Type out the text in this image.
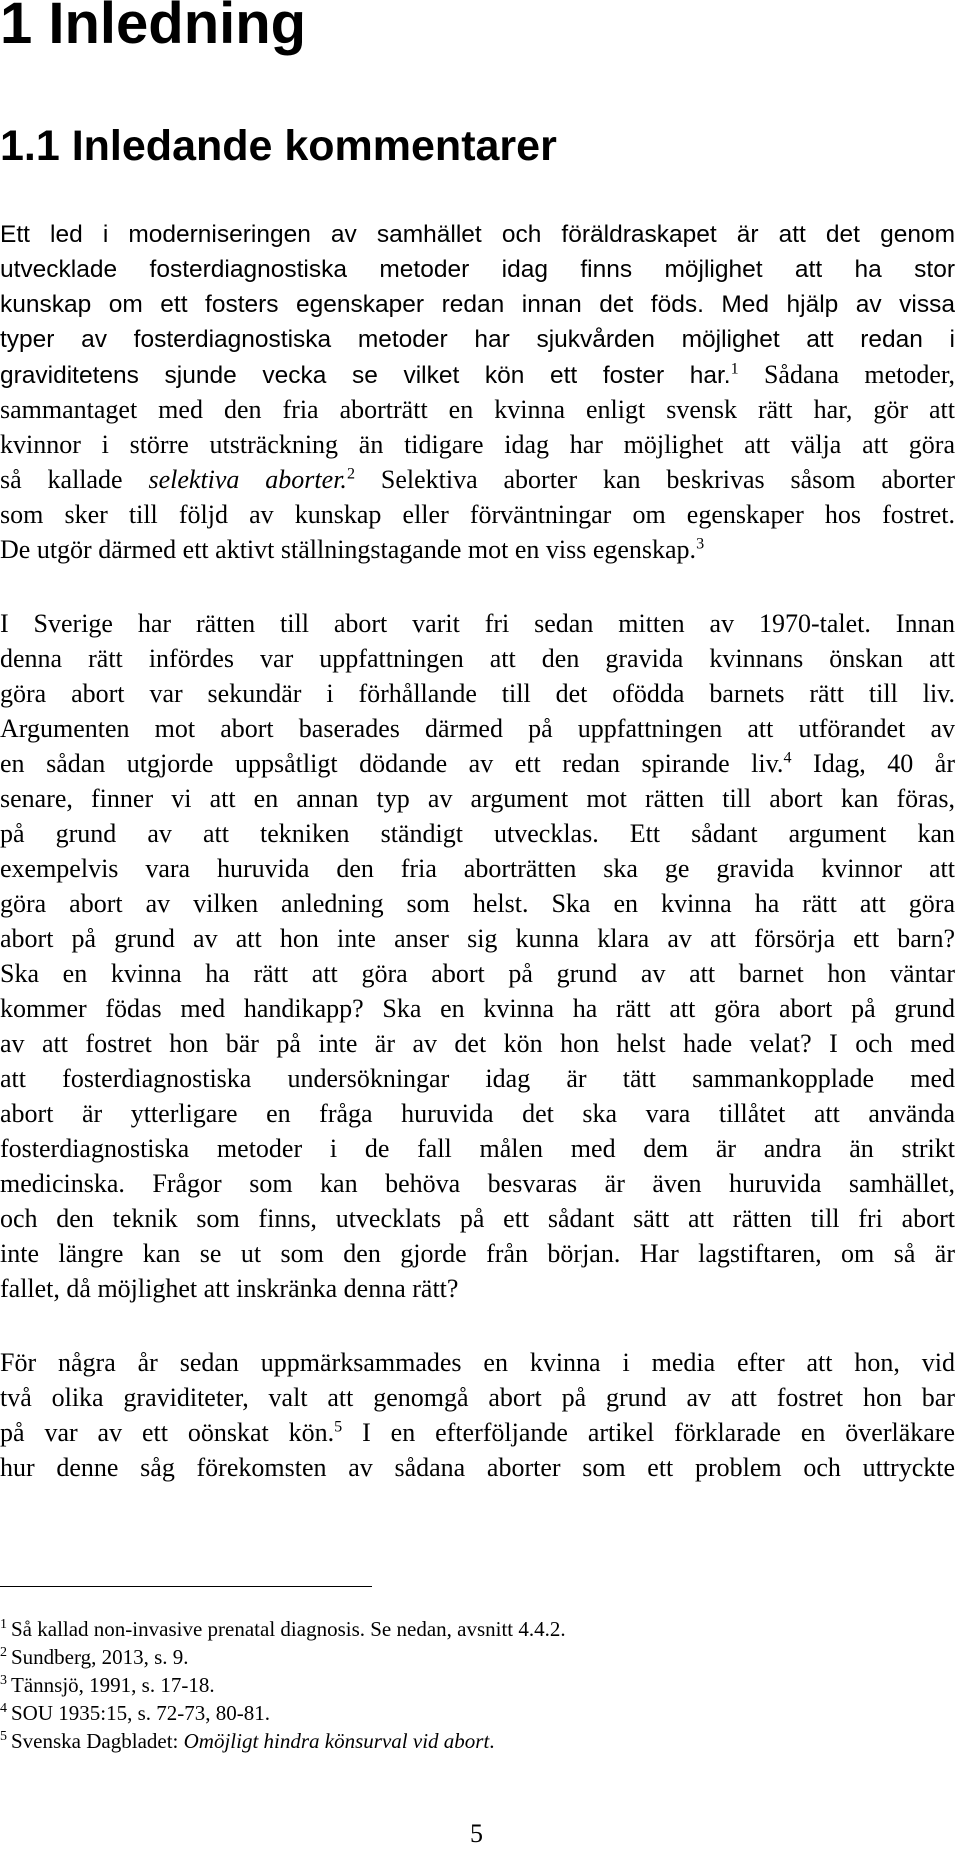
1 Inledning
1.1 Inledande kommentarer

Ett led i moderniseringen av samhället och föräldraskapet är att det genom

utvecklade fosterdiagnostiska metoder idag finns möjlighet att ha stor

kunskap om ett fosters egenskaper redan innan det föds. Med hjälp av vissa

typer av fosterdiagnostiska metoder har sjukvården möjlighet att redan i

graviditetens sjunde vecka se vilket kön ett foster har.$^1$ Sådana metoder,

sammantaget med den fria aborträtt en kvinna enligt svensk rätt har, gör att

kvinnor i större utsträckning än tidigare idag har möjlighet att välja att göra

så kallade selektiva aborter.$^2$ Selektiva aborter kan beskrivas såsom aborter

som sker till följd av kunskap eller förväntningar om egenskaper hos fostret.

De utgör därmed ett aktivt ställningstagande mot en viss egenskap.$^3$

I Sverige har rätten till abort varit fri sedan mitten av 1970-talet. Innan

denna rätt infördes var uppfattningen att den gravida kvinnans önskan att

göra abort var sekundär i förhållande till det ofödda barnets rätt till liv.

Argumenten mot abort baserades därmed på uppfattningen att utförandet av

en sådan utgjorde uppsåtligt dödande av ett redan spirande liv.$^4$ Idag, 40 år

senare, finner vi att en annan typ av argument mot rätten till abort kan föras,

på grund av att tekniken ständigt utvecklas. Ett sådant argument kan

exempelvis vara huruvida den fria aborträtten ska ge gravida kvinnor att

göra abort av vilken anledning som helst. Ska en kvinna ha rätt att göra

abort på grund av att hon inte anser sig kunna klara av att försörja ett barn?

Ska en kvinna ha rätt att göra abort på grund av att barnet hon väntar

kommer födas med handikapp? Ska en kvinna ha rätt att göra abort på grund

av att fostret hon bär på inte är av det kön hon helst hade velat? I och med

att fosterdiagnostiska undersökningar idag är tätt sammankopplade med

abort är ytterligare en fråga huruvida det ska vara tillåtet att använda

fosterdiagnostiska metoder i de fall målen med dem är andra än strikt

medicinska. Frågor som kan behöva besvaras är även huruvida samhället,

och den teknik som finns, utvecklats på ett sådant sätt att rätten till fri abort

inte längre kan se ut som den gjorde från början. Har lagstiftaren, om så är

fallet, då möjlighet att inskränka denna rätt?

För några år sedan uppmärksammades en kvinna i media efter att hon, vid

två olika graviditeter, valt att genomgå abort på grund av att fostret hon bar

på var av ett oönskat kön.$^5$ I en efterföljande artikel förklarade en överläkare

hur denne såg förekomsten av sådana aborter som ett problem och uttryckte

$^1$ Så kallad non-invasive prenatal diagnosis. Se nedan, avsnitt 4.4.2.

$^2$ Sundberg, 2013, s. 9.

$^3$ Tännsjö, 1991, s. 17-18.

$^4$ SOU 1935:15, s. 72-73, 80-81.

$^5$ Svenska Dagbladet: Omöjligt hindra könsurval vid abort.

5
